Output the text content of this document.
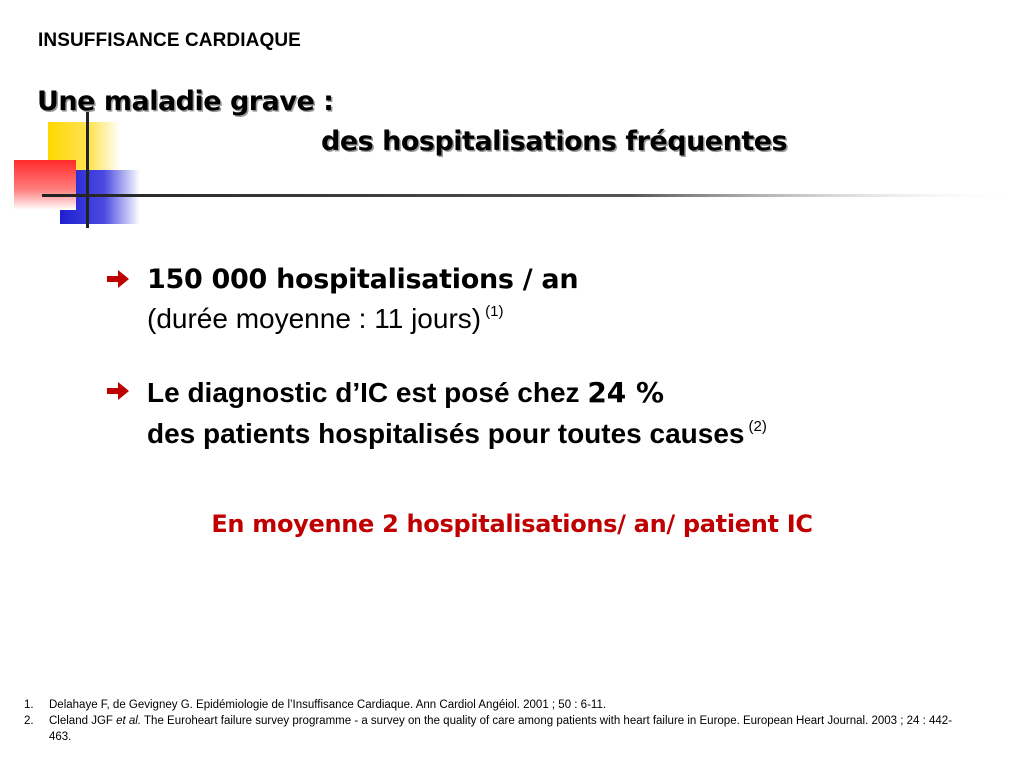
INSUFFISANCE CARDIAQUE
Une maladie grave :
des hospitalisations fréquentes
150 000 hospitalisations / an
(durée moyenne : 11 jours) $^{(1)}$
Le diagnostic d’IC est posé chez 24 %
des patients hospitalisés pour toutes causes $^{(2)}$
En moyenne 2 hospitalisations/ an/ patient IC
1.	Delahaye F, de Gevigney G. Epidémiologie de l’Insuffisance Cardiaque. Ann Cardiol Angéiol. 2001 ; 50 : 6-11.
2.	Cleland JGF et al. The Euroheart failure survey programme - a survey on the quality of care among patients with heart failure in Europe. European Heart Journal. 2003 ; 24 : 442-463.
